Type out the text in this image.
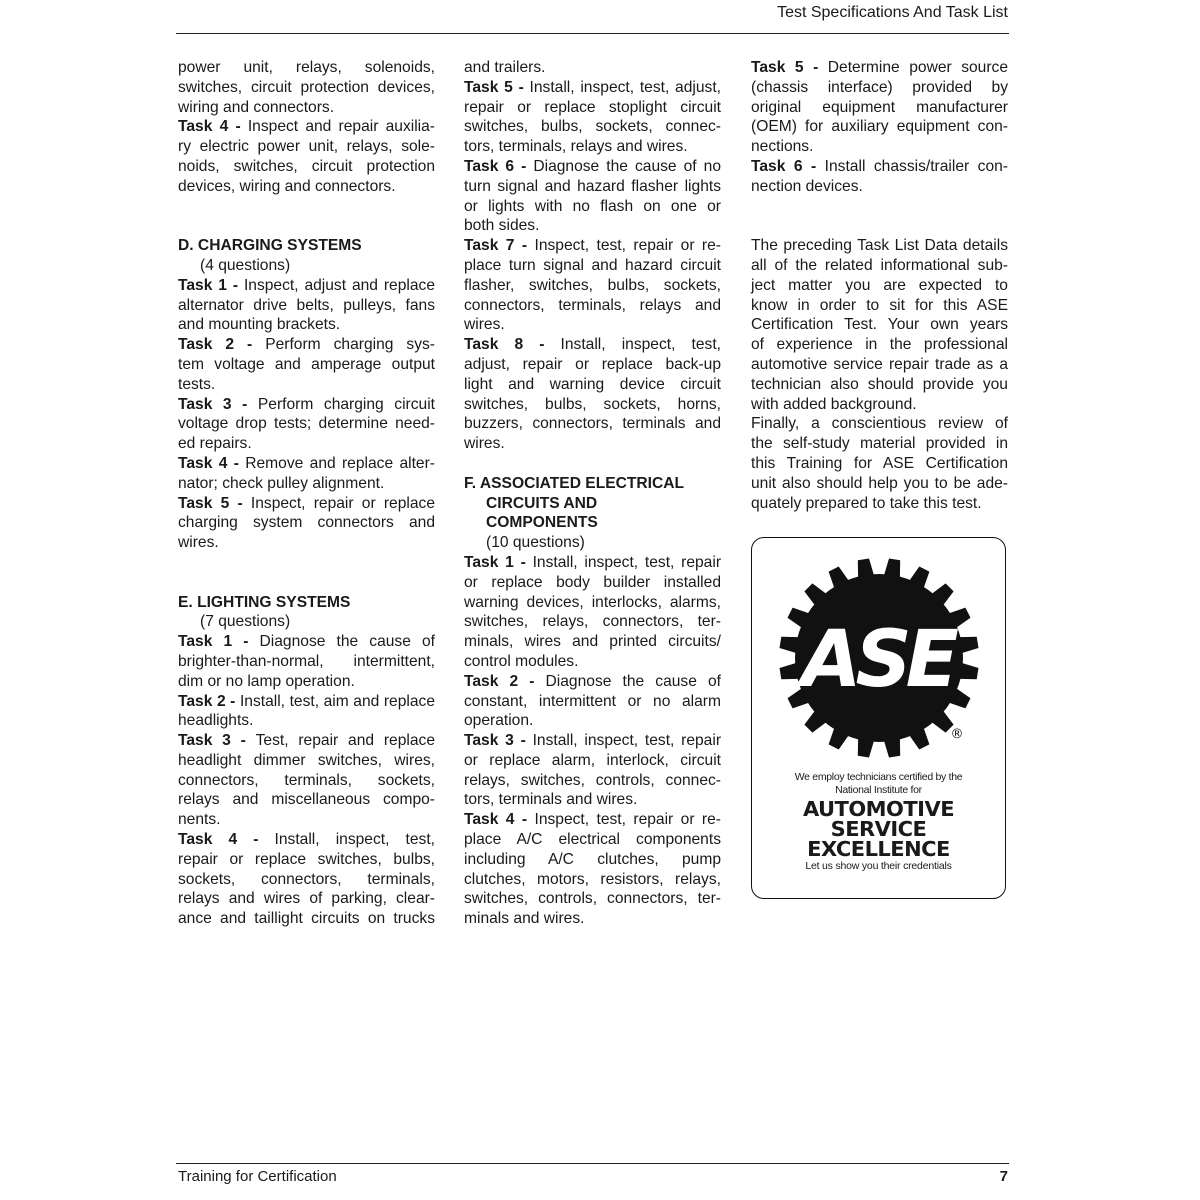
Test Specifications And Task List
power unit, relays, solenoids,
switches, circuit protection devices,
wiring and connectors.
Task 4 - Inspect and repair auxilia-
ry electric power unit, relays, sole-
noids, switches, circuit protection
devices, wiring and connectors.
D. CHARGING SYSTEMS
(4 questions)
Task 1 - Inspect, adjust and replace
alternator drive belts, pulleys, fans
and mounting brackets.
Task 2 - Perform charging sys-
tem voltage and amperage output
tests.
Task 3 - Perform charging circuit
voltage drop tests; determine need-
ed repairs.
Task 4 - Remove and replace alter-
nator; check pulley alignment.
Task 5 - Inspect, repair or replace
charging system connectors and
wires.
E. LIGHTING SYSTEMS
(7 questions)
Task 1 - Diagnose the cause of
brighter-than-normal, intermittent,
dim or no lamp operation.
Task 2 - Install, test, aim and replace
headlights.
Task 3 - Test, repair and replace
headlight dimmer switches, wires,
connectors, terminals, sockets,
relays and miscellaneous compo-
nents.
Task 4 - Install, inspect, test,
repair or replace switches, bulbs,
sockets, connectors, terminals,
relays and wires of parking, clear-
ance and taillight circuits on trucks
and trailers.
Task 5 - Install, inspect, test, adjust,
repair or replace stoplight circuit
switches, bulbs, sockets, connec-
tors, terminals, relays and wires.
Task 6 - Diagnose the cause of no
turn signal and hazard flasher lights
or lights with no flash on one or
both sides.
Task 7 - Inspect, test, repair or re-
place turn signal and hazard circuit
flasher, switches, bulbs, sockets,
connectors, terminals, relays and
wires.
Task 8 - Install, inspect, test,
adjust, repair or replace back-up
light and warning device circuit
switches, bulbs, sockets, horns,
buzzers, connectors, terminals and
wires.
F. ASSOCIATED ELECTRICAL
CIRCUITS AND
COMPONENTS
(10 questions)
Task 1 - Install, inspect, test, repair
or replace body builder installed
warning devices, interlocks, alarms,
switches, relays, connectors, ter-
minals, wires and printed circuits/
control modules.
Task 2 - Diagnose the cause of
constant, intermittent or no alarm
operation.
Task 3 - Install, inspect, test, repair
or replace alarm, interlock, circuit
relays, switches, controls, connec-
tors, terminals and wires.
Task 4 - Inspect, test, repair or re-
place A/C electrical components
including A/C clutches, pump
clutches, motors, resistors, relays,
switches, controls, connectors, ter-
minals and wires.
Task 5 - Determine power source
(chassis interface) provided by
original equipment manufacturer
(OEM) for auxiliary equipment con-
nections.
Task 6 - Install chassis/trailer con-
nection devices.
The preceding Task List Data details
all of the related informational sub-
ject matter you are expected to
know in order to sit for this ASE
Certification Test. Your own years
of experience in the professional
automotive service repair trade as a
technician also should provide you
with added background.
Finally, a conscientious review of
the self-study material provided in
this Training for ASE Certification
unit also should help you to be ade-
quately prepared to take this test.
ASE
®
We employ technicians certified by the
National Institute for
AUTOMOTIVE
SERVICE
EXCELLENCE
Let us show you their credentials
Training for Certification	7
